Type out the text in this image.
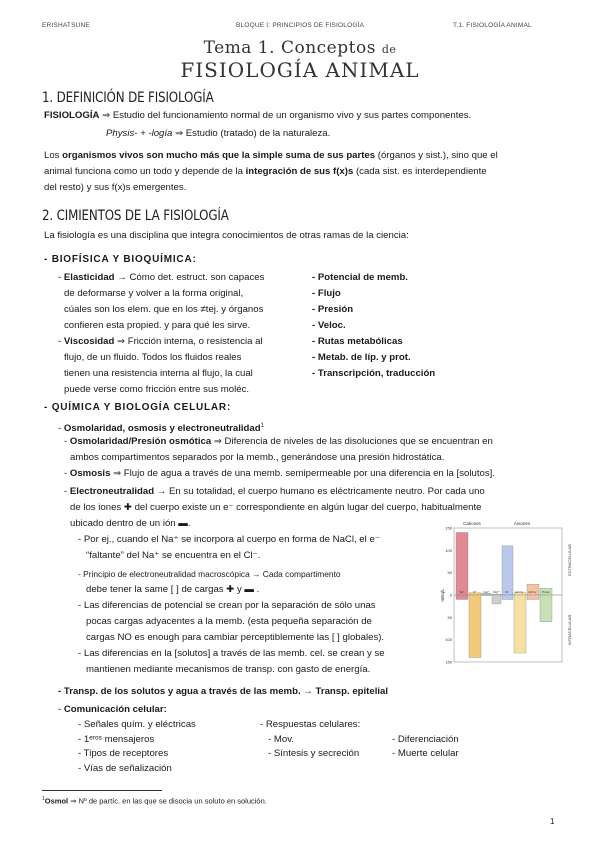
ERISHATSUNE	BLOQUE I: PRINCIPIOS DE FISIOLOGÍA	T.1. FISIOLOGÍA ANIMAL
Tema 1. Conceptos de
FISIOLOGÍA ANIMAL
1. DEFINICIÓN DE FISIOLOGÍA
FISIOLOGÍA ⇒ Estudio del funcionamiento normal de un organismo vivo y sus partes componentes.
Physis- + -logía ⇒ Estudio (tratado) de la naturaleza.
Los organismos vivos son mucho más que la simple suma de sus partes (órganos y sist.), sino que el
animal funciona como un todo y depende de la integración de sus f(x)s (cada sist. es interdependiente
del resto) y sus f(x)s emergentes.
2. CIMIENTOS DE LA FISIOLOGÍA
La fisiología es una disciplina que integra conocimientos de otras ramas de la ciencia:
- BIOFÍSICA Y BIOQUÍMICA:
- Elasticidad → Cómo det. estruct. son capaces
de deformarse y volver a la forma original,
cúales son los elem. que en los ≠tej. y órganos
confieren esta propied. y para qué les sirve.
- Viscosidad ⇒ Fricción interna, o resistencia al
flujo, de un fluido. Todos los fluidos reales
tienen una resistencia interna al flujo, la cual
puede verse como fricción entre sus moléc.
- Potencial de memb.
- Flujo
- Presión
- Veloc.
- Rutas metabólicas
- Metab. de líp. y prot.
- Transcripción, traducción
- QUÍMICA Y BIOLOGÍA CELULAR:
- Osmolaridad, osmosis y electroneutralidad$^1$
- Osmolaridad/Presión osmótica ⇒ Diferencia de niveles de las disoluciones que se encuentran en
ambos compartimentos separados por la memb., generándose una presión hidrostática.
- Osmosis ⇒ Flujo de agua a través de una memb. semipermeable por una diferencia en la [solutos].
- Electroneutralidad → En su totalidad, el cuerpo humano es eléctricamente neutro. Por cada uno
de los iones ✚ del cuerpo existe un e⁻ correspondiente en algún lugar del cuerpo, habitualmente
ubicado dentro de un ión ▬.
- Por ej., cuando el Na⁺ se incorpora al cuerpo en forma de NaCl, el e⁻
“faltante” del Na⁺ se encuentra en el Cl⁻.
- Principio de electroneutralidad macroscópica → Cada compartimento
debe tener la same [ ] de cargas ✚ y ▬ .
- Las diferencias de potencial se crean por la separación de sólo unas
pocas cargas adyacentes a la memb. (esta pequeña separación de
cargas NO es enough para cambiar perceptiblemente las [ ] globales).
- Las diferencias en la [solutos] a través de las memb. cel. se crean y se
mantienen mediante mecanismos de transp. con gasto de energía.
Cationes	Aniones
150
100
50
0
50
100
150
mEq/L
EXTRACELULAR
INTRACELULAR
Na⁺	K⁺ Ca²⁺ Mg²⁺ Cl⁻ HCO₃⁻ HCO₃⁻ Proteí
- Transp. de los solutos y agua a través de las memb. → Transp. epitelial
- Comunicación celular:
- Señales quím. y eléctricas
- 1ᵉʳᵒˢ mensajeros
- Tipos de receptores
- Vías de señalización
- Respuestas celulares:
- Mov.
- Síntesis y secreción
- Diferenciación
- Muerte celular
$^1$Osmol ⇒ Nº de partíc. en las que se disocia un soluto en solución.
1
